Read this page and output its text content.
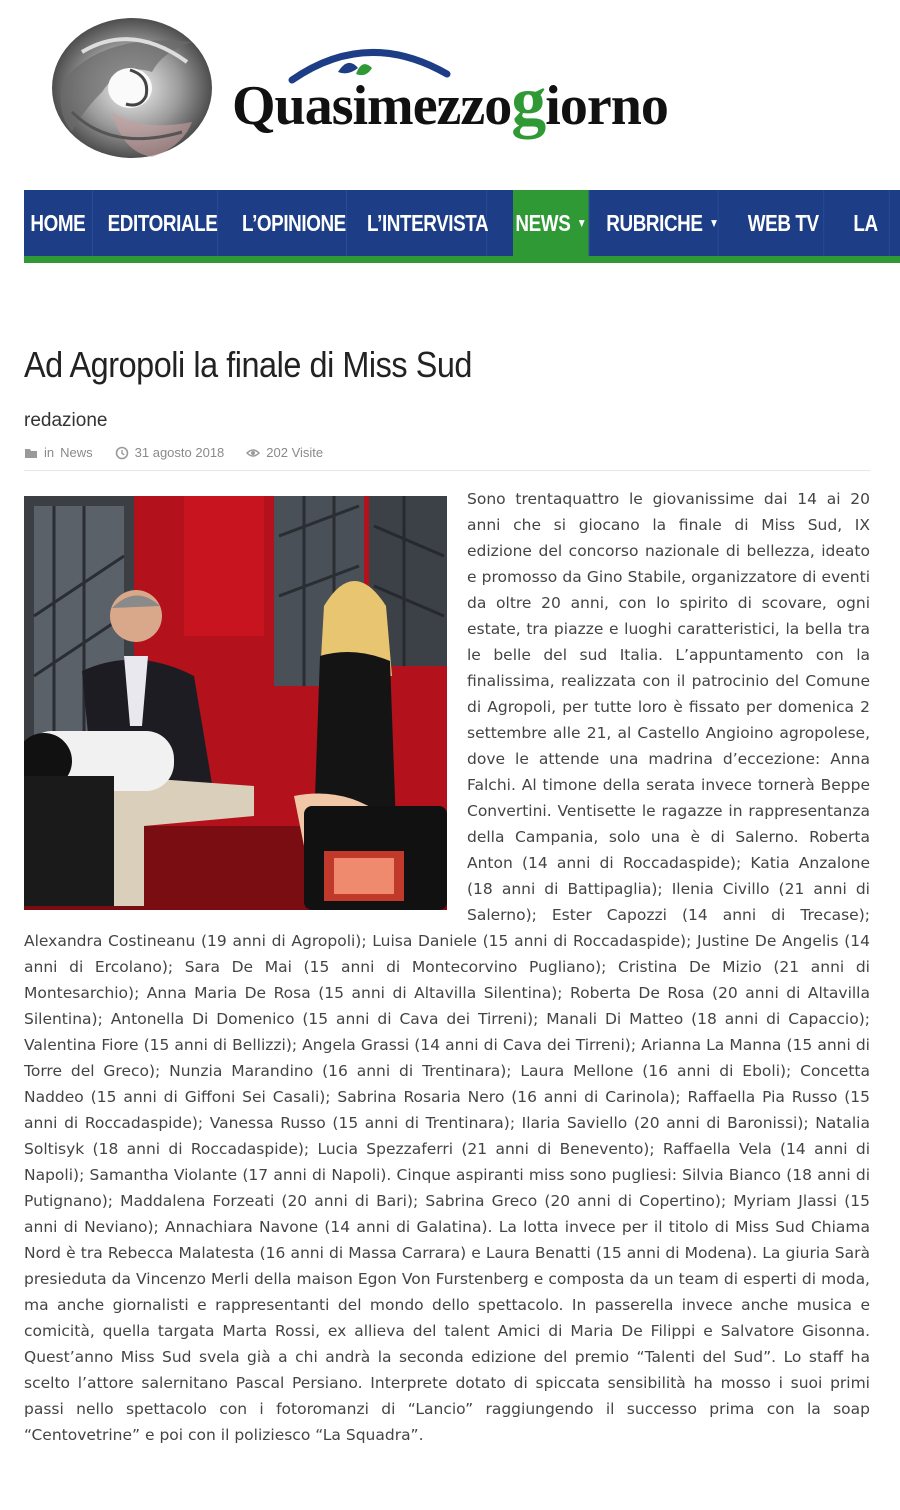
Quasimezzogiorno
HOME EDITORIALE L’OPINIONE L’INTERVISTA NEWS ▼ RUBRICHE ▼ WEB TV LA
Ad Agropoli la finale di Miss Sud
redazione
in News	31 agosto 2018	202 Visite
Sono trentaquattro le giovanissime dai 14 ai 20 anni che si giocano la finale di Miss Sud, IX edizione del concorso nazionale di bellezza, ideato e promosso da Gino Stabile, organizzatore di eventi da oltre 20 anni, con lo spirito di scovare, ogni estate, tra piazze e luoghi caratteristici, la bella tra le belle del sud Italia. L’appuntamento con la finalissima, realizzata con il patrocinio del Comune di Agropoli, per tutte loro è fissato per domenica 2 settembre alle 21, al Castello Angioino agropolese, dove le attende una madrina d’eccezione: Anna Falchi. Al timone della serata invece tornerà Beppe Convertini. Ventisette le ragazze in rappresentanza della Campania, solo una è di Salerno. Roberta Anton (14 anni di Roccadaspide); Katia Anzalone (18 anni di Battipaglia); Ilenia Civillo (21 anni di Salerno); Ester Capozzi (14 anni di Trecase); Alexandra Costineanu (19 anni di Agropoli); Luisa Daniele (15 anni di Roccadaspide); Justine De Angelis (14 anni di Ercolano); Sara De Mai (15 anni di Montecorvino Pugliano); Cristina De Mizio (21 anni di Montesarchio); Anna Maria De Rosa (15 anni di Altavilla Silentina); Roberta De Rosa (20 anni di Altavilla Silentina); Antonella Di Domenico (15 anni di Cava dei Tirreni); Manali Di Matteo (18 anni di Capaccio); Valentina Fiore (15 anni di Bellizzi); Angela Grassi (14 anni di Cava dei Tirreni); Arianna La Manna (15 anni di Torre del Greco); Nunzia Marandino (16 anni di Trentinara); Laura Mellone (16 anni di Eboli); Concetta Naddeo (15 anni di Giffoni Sei Casali); Sabrina Rosaria Nero (16 anni di Carinola); Raffaella Pia Russo (15 anni di Roccadaspide); Vanessa Russo (15 anni di Trentinara); Ilaria Saviello (20 anni di Baronissi); Natalia Soltisyk (18 anni di Roccadaspide); Lucia Spezzaferri (21 anni di Benevento); Raffaella Vela (14 anni di Napoli); Samantha Violante (17 anni di Napoli). Cinque aspiranti miss sono pugliesi: Silvia Bianco (18 anni di Putignano); Maddalena Forzeati (20 anni di Bari); Sabrina Greco (20 anni di Copertino); Myriam Jlassi (15 anni di Neviano); Annachiara Navone (14 anni di Galatina). La lotta invece per il titolo di Miss Sud Chiama Nord è tra Rebecca Malatesta (16 anni di Massa Carrara) e Laura Benatti (15 anni di Modena). La giuria Sarà presieduta da Vincenzo Merli della maison Egon Von Furstenberg e composta da un team di esperti di moda, ma anche giornalisti e rappresentanti del mondo dello spettacolo. In passerella invece anche musica e comicità, quella targata Marta Rossi, ex allieva del talent Amici di Maria De Filippi e Salvatore Gisonna. Quest’anno Miss Sud svela già a chi andrà la seconda edizione del premio “Talenti del Sud”. Lo staff ha scelto l’attore salernitano Pascal Persiano. Interprete dotato di spiccata sensibilità ha mosso i suoi primi passi nello spettacolo con i fotoromanzi di “Lancio” raggiungendo il successo prima con la soap “Centovetrine” e poi con il poliziesco “La Squadra”.
